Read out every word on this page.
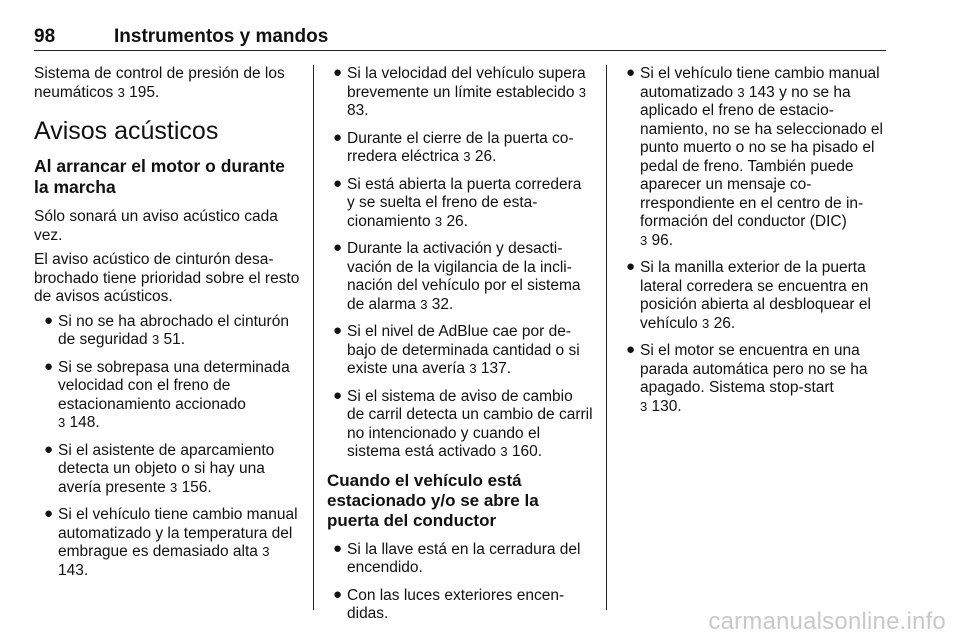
98	Instrumentos y mandos

Sistema de control de presión de los neumáticos 3 195.

Avisos acústicos
Al arrancar el motor o durante la marcha

Sólo sonará un aviso acústico cada vez.

El aviso acústico de cinturón desabrochado tiene prioridad sobre el resto de avisos acústicos.

● Si no se ha abrochado el cinturón de seguridad 3 51.
● Si se sobrepasa una determinada velocidad con el freno de estacionamiento accionado
3 148.
● Si el asistente de aparcamiento detecta un objeto o si hay una avería presente 3 156.
● Si el vehículo tiene cambio manual automatizado y la temperatura del embrague es demasiado alta 3 143.
● Si la velocidad del vehículo supera brevemente un límite establecido 3 83.
● Durante el cierre de la puerta corredera eléctrica 3 26.
● Si está abierta la puerta corredera y se suelta el freno de estacionamiento 3 26.
● Durante la activación y desactivación de la vigilancia de la inclinación del vehículo por el sistema de alarma 3 32.
● Si el nivel de AdBlue cae por debajo de determinada cantidad o si existe una avería 3 137.
● Si el sistema de aviso de cambio de carril detecta un cambio de carril no intencionado y cuando el sistema está activado 3 160.
Cuando el vehículo está estacionado y/o se abre la puerta del conductor
● Si la llave está en la cerradura del encendido.
● Con las luces exteriores encendidas.
● Si el vehículo tiene cambio manual automatizado 3 143 y no se ha aplicado el freno de estacionamiento, no se ha seleccionado el punto muerto o no se ha pisado el pedal de freno. También puede aparecer un mensaje correspondiente en el centro de información del conductor (DIC)
3 96.
● Si la manilla exterior de la puerta lateral corredera se encuentra en posición abierta al desbloquear el vehículo 3 26.
● Si el motor se encuentra en una parada automática pero no se ha apagado. Sistema stop-start
3 130.
carmanualsonline.info
